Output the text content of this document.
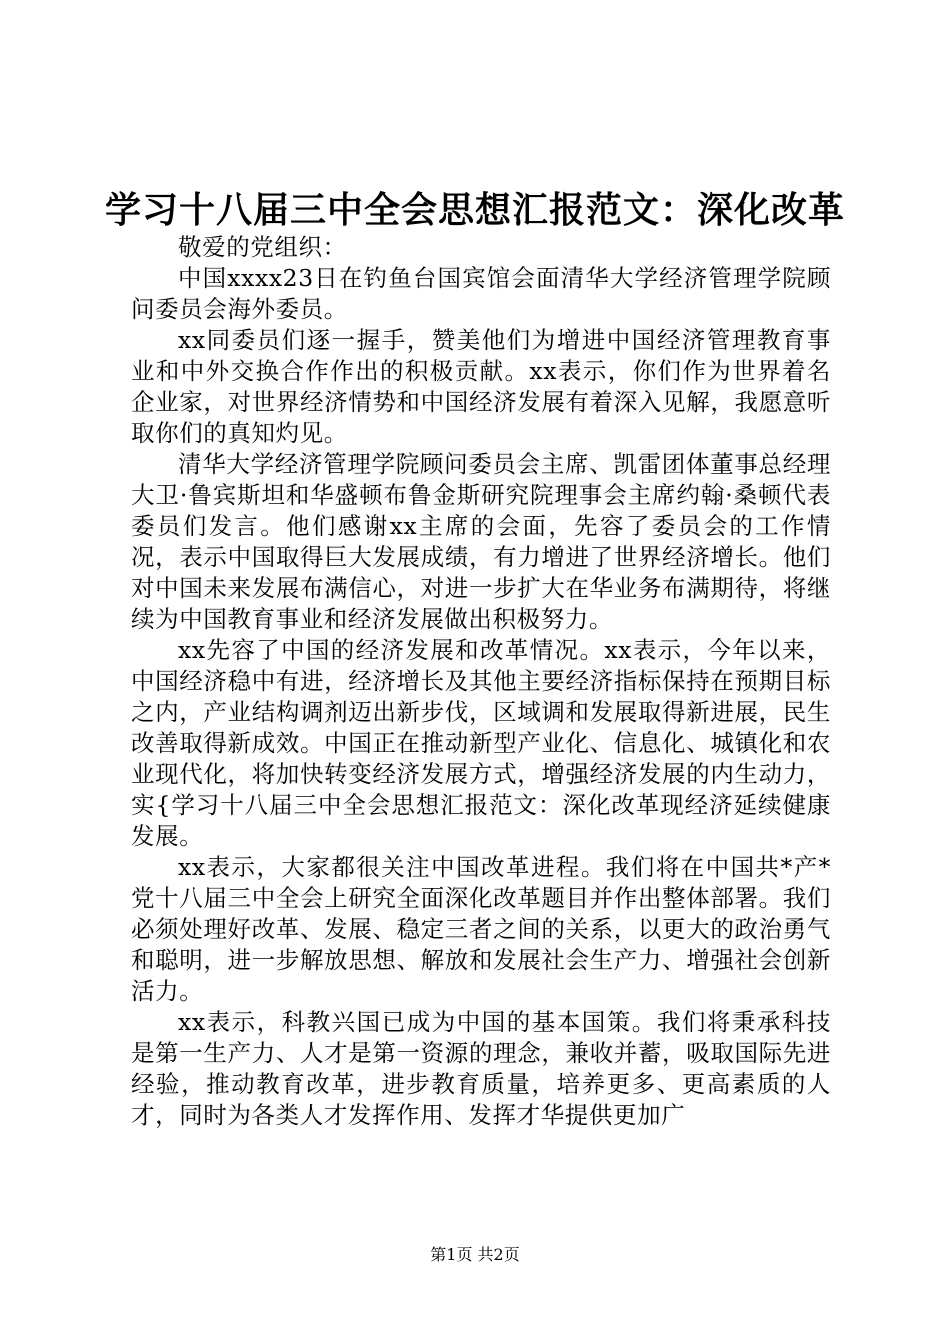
学习十八届三中全会思想汇报范文：深化改革

敬爱的党组织：

中国xxxx23日在钓鱼台国宾馆会面清华大学经济管理学院顾问委员会海外委员。

xx同委员们逐一握手，赞美他们为增进中国经济管理教育事业和中外交换合作作出的积极贡献。xx表示，你们作为世界着名企业家，对世界经济情势和中国经济发展有着深入见解，我愿意听取你们的真知灼见。

清华大学经济管理学院顾问委员会主席、凯雷团体董事总经理大卫·鲁宾斯坦和华盛顿布鲁金斯研究院理事会主席约翰·桑顿代表委员们发言。他们感谢xx主席的会面，先容了委员会的工作情况，表示中国取得巨大发展成绩，有力增进了世界经济增长。他们对中国未来发展布满信心，对进一步扩大在华业务布满期待，将继续为中国教育事业和经济发展做出积极努力。

xx先容了中国的经济发展和改革情况。xx表示，今年以来，中国经济稳中有进，经济增长及其他主要经济指标保持在预期目标之内，产业结构调剂迈出新步伐，区域调和发展取得新进展，民生改善取得新成效。中国正在推动新型产业化、信息化、城镇化和农业现代化，将加快转变经济发展方式，增强经济发展的内生动力，实{学习十八届三中全会思想汇报范文：深化改革现经济延续健康发展。

xx表示，大家都很关注中国改革进程。我们将在中国共*产*党十八届三中全会上研究全面深化改革题目并作出整体部署。我们必须处理好改革、发展、稳定三者之间的关系，以更大的政治勇气和聪明，进一步解放思想、解放和发展社会生产力、增强社会创新活力。

xx表示，科教兴国已成为中国的基本国策。我们将秉承科技是第一生产力、人才是第一资源的理念，兼收并蓄，吸取国际先进经验，推动教育改革，进步教育质量，培养更多、更高素质的人才，同时为各类人才发挥作用、发挥才华提供更加广

第1页 共2页
